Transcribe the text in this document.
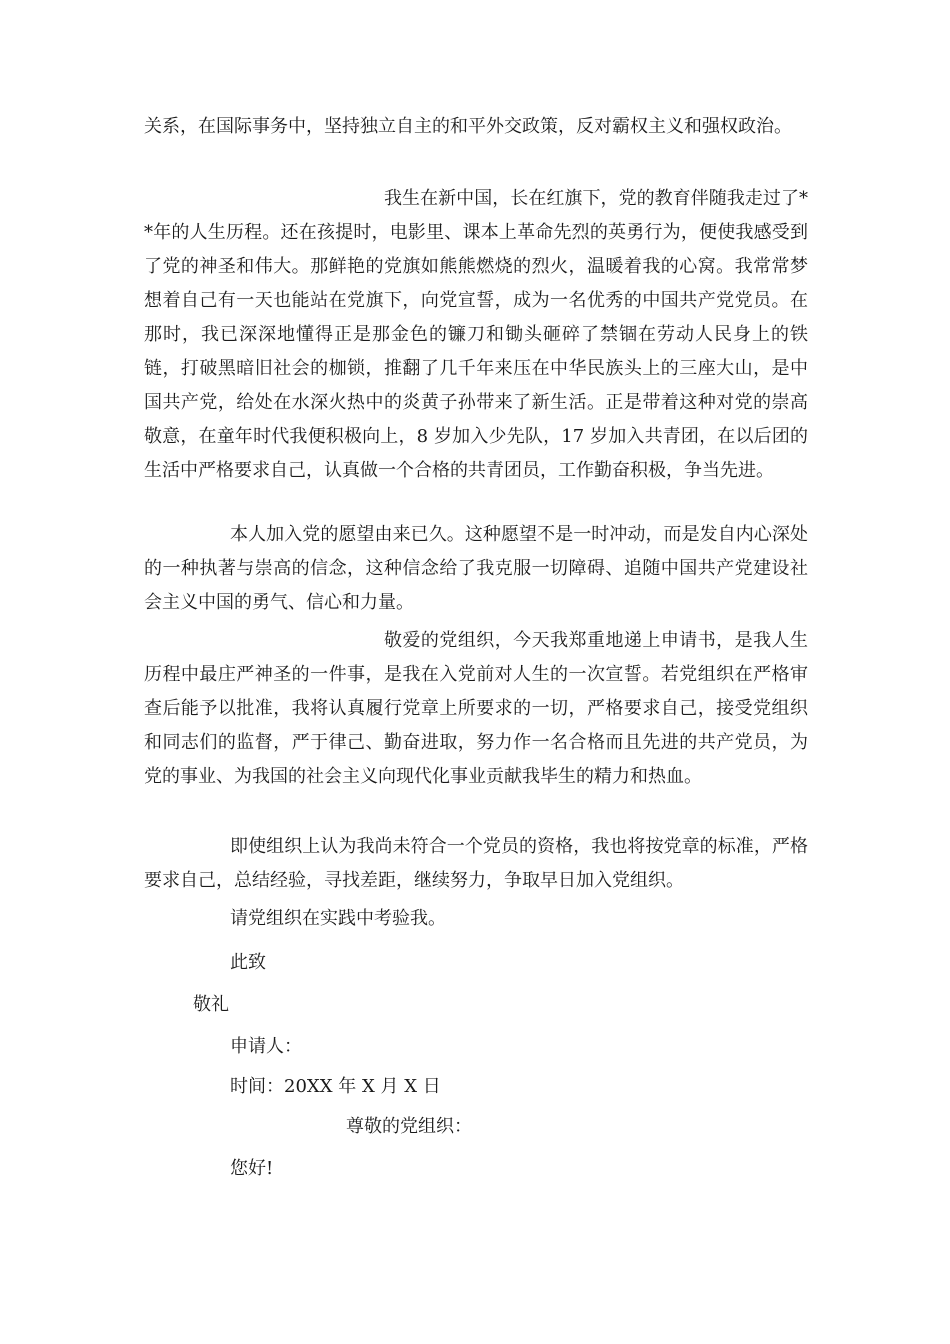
关系，在国际事务中，坚持独立自主的和平外交政策，反对霸权主义和强权政治。

我生在新中国，长在红旗下，党的教育伴随我走过了**年的人生历程。还在孩提时，电影里、课本上革命先烈的英勇行为，便使我感受到了党的神圣和伟大。那鲜艳的党旗如熊熊燃烧的烈火，温暖着我的心窝。我常常梦想着自己有一天也能站在党旗下，向党宣誓，成为一名优秀的中国共产党党员。在那时，我已深深地懂得正是那金色的镰刀和锄头砸碎了禁锢在劳动人民身上的铁链，打破黑暗旧社会的枷锁，推翻了几千年来压在中华民族头上的三座大山，是中国共产党，给处在水深火热中的炎黄子孙带来了新生活。正是带着这种对党的崇高敬意，在童年时代我便积极向上，8 岁加入少先队，17 岁加入共青团，在以后团的生活中严格要求自己，认真做一个合格的共青团员，工作勤奋积极，争当先进。

本人加入党的愿望由来已久。这种愿望不是一时冲动，而是发自内心深处的一种执著与崇高的信念，这种信念给了我克服一切障碍、追随中国共产党建设社会主义中国的勇气、信心和力量。

敬爱的党组织，今天我郑重地递上申请书，是我人生历程中最庄严神圣的一件事，是我在入党前对人生的一次宣誓。若党组织在严格审查后能予以批准，我将认真履行党章上所要求的一切，严格要求自己，接受党组织和同志们的监督，严于律己、勤奋进取，努力作一名合格而且先进的共产党员，为党的事业、为我国的社会主义向现代化事业贡献我毕生的精力和热血。

即使组织上认为我尚未符合一个党员的资格，我也将按党章的标准，严格要求自己，总结经验，寻找差距，继续努力，争取早日加入党组织。

请党组织在实践中考验我。

此致

敬礼

申请人：

时间：20XX 年 X 月 X 日

尊敬的党组织：

您好!
